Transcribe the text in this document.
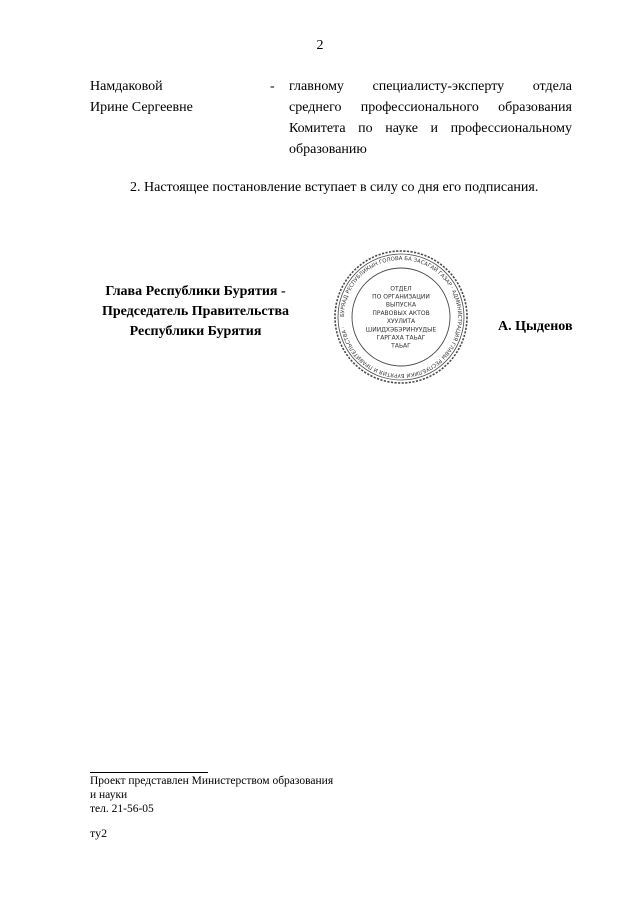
2
Намдаковой
Ирине Сергеевне
- главному специалисту-эксперту отдела среднего профессионального образования Комитета по науке и профессиональному образованию
2. Настоящее постановление вступает в силу со дня его подписания.
Глава Республики Бурятия -
Председатель Правительства
Республики Бурятия
БУРЯАД РЕСПУБЛИКЫН ГОЛОВА БА ЗАСАГАЙ ГАЗАР · АДМИНИСТРАЦИЯ ГЛАВЫ РЕСПУБЛИКИ БУРЯТИЯ И ПРАВИТЕЛЬСТВА ·
ОТДЕЛ
ПО ОРГАНИЗАЦИИ
ВЫПУСКА
ПРАВОВЫХ АКТОВ
ХУУЛИТА
ШИИДХЭБЭРИНУУДЫЕ
ГАРГАХА ТАЬАГ
ТАЬАГ
А. Цыденов
Проект представлен Министерством образования
и науки
тел. 21-56-05
ту2
